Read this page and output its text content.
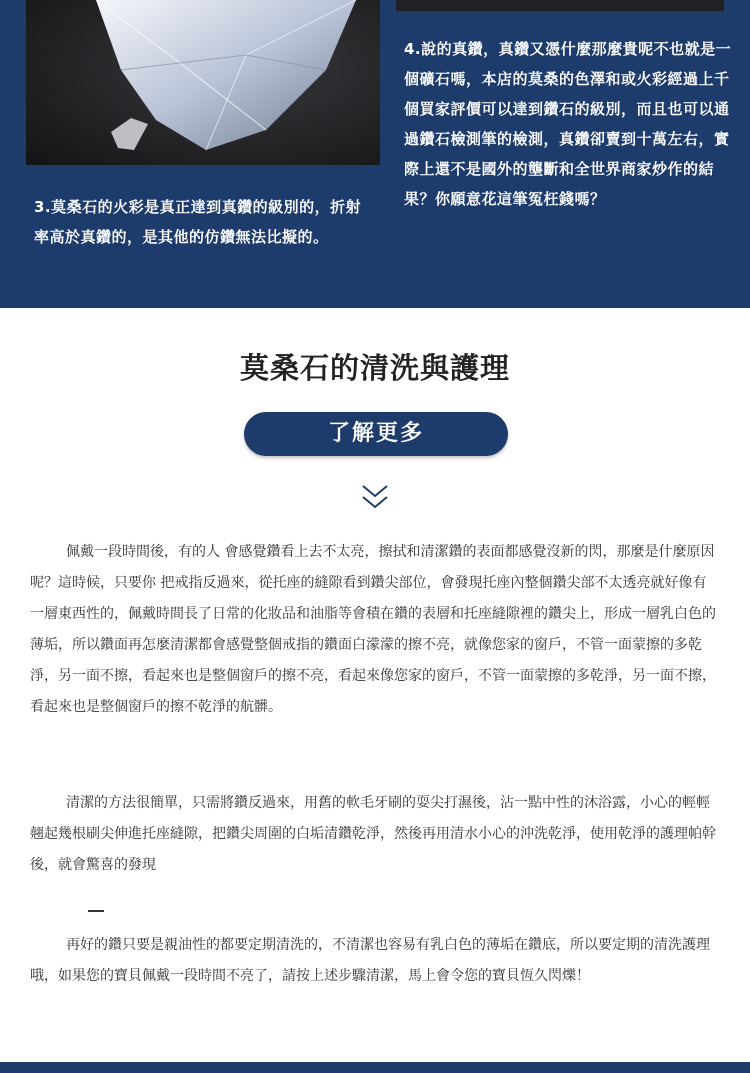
3.莫桑石的火彩是真正達到真鑽的級別的，折射率高於真鑽的，是其他的仿鑽無法比擬的。
4.說的真鑽，真鑽又憑什麼那麼貴呢不也就是一個礦石嗎，本店的莫桑的色澤和或火彩經過上千個買家評價可以達到鑽石的級別，而且也可以通過鑽石檢測筆的檢測，真鑽卻賣到十萬左右，實際上還不是國外的壟斷和全世界商家炒作的結果？你願意花這筆冤枉錢嗎？
莫桑石的清洗與護理
了解更多
佩戴一段時間後，有的人 會感覺鑽看上去不太亮，擦拭和清潔鑽的表面都感覺沒新的閃，那麼是什麼原因呢？這時候，只要你 把戒指反過來，從托座的縫隙看到鑽尖部位，會發現托座內整個鑽尖部不太透亮就好像有一層東西性的，佩戴時間長了日常的化妝品和油脂等會積在鑽的表層和托座縫隙裡的鑽尖上，形成一層乳白色的薄垢，所以鑽面再怎麼清潔都會感覺整個戒指的鑽面白濛濛的擦不亮，就像您家的窗戶，不管一面蒙擦的多乾淨，另一面不擦，看起來也是整個窗戶的擦不亮，看起來像您家的窗戶，不管一面蒙擦的多乾淨，另一面不擦，看起來也是整個窗戶的擦不乾淨的航髒。
清潔的方法很簡單，只需將鑽反過來，用舊的軟毛牙刷的耍尖打濕後，沾一點中性的沐浴露，小心的輕輕翹起幾根刷尖伸進托座縫隙，把鑽尖周圍的白垢清鑽乾淨，然後再用清水小心的沖洗乾淨，使用乾淨的護理帕幹後，就會驚喜的發現
再好的鑽只要是親油性的都要定期清洗的，不清潔也容易有乳白色的薄垢在鑽底，所以要定期的清洗護理哦，如果您的寶貝佩戴一段時間不亮了，請按上述步驟清潔，馬上會令您的寶貝恆久閃爍！
